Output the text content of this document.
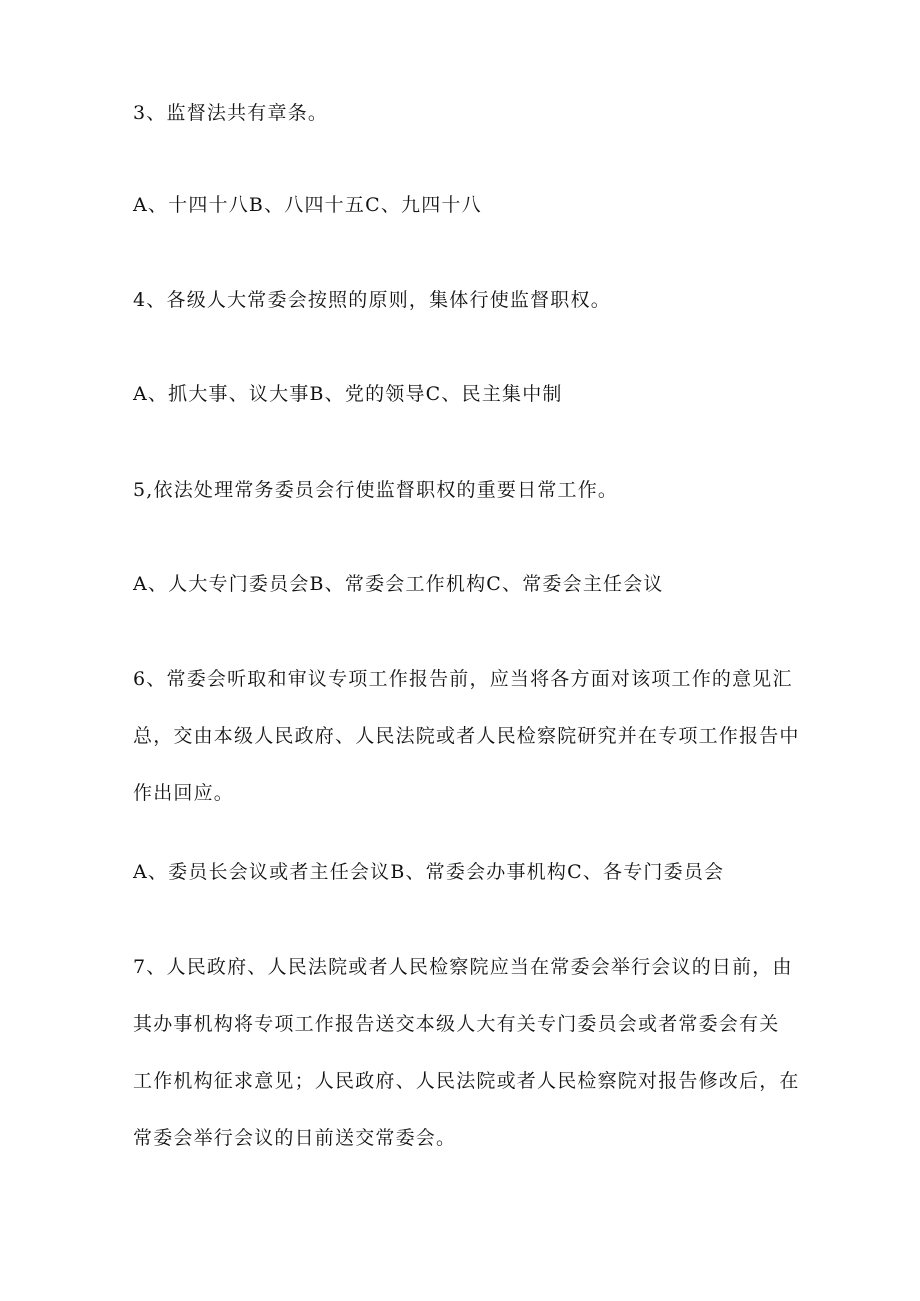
3、监督法共有章条。
A、十四十八B、八四十五C、九四十八
4、各级人大常委会按照的原则，集体行使监督职权。
A、抓大事、议大事B、党的领导C、民主集中制
5,依法处理常务委员会行使监督职权的重要日常工作。
A、人大专门委员会B、常委会工作机构C、常委会主任会议
6、常委会听取和审议专项工作报告前，应当将各方面对该项工作的意见汇
总，交由本级人民政府、人民法院或者人民检察院研究并在专项工作报告中
作出回应。
A、委员长会议或者主任会议B、常委会办事机构C、各专门委员会
7、人民政府、人民法院或者人民检察院应当在常委会举行会议的日前，由
其办事机构将专项工作报告送交本级人大有关专门委员会或者常委会有关
工作机构征求意见；人民政府、人民法院或者人民检察院对报告修改后，在
常委会举行会议的日前送交常委会。
